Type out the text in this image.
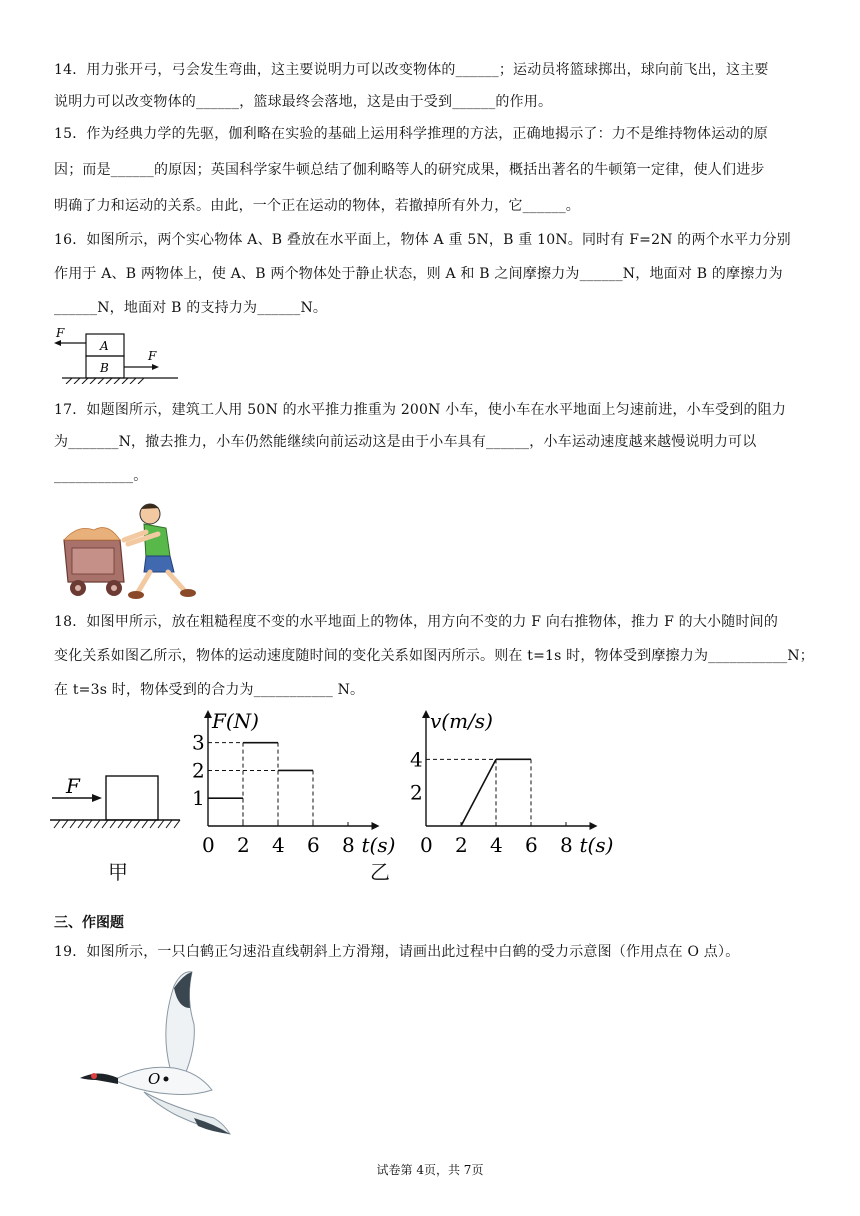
14．用力张开弓，弓会发生弯曲，这主要说明力可以改变物体的______；运动员将篮球掷出，球向前飞出，这主要
说明力可以改变物体的______，篮球最终会落地，这是由于受到______的作用。
15．作为经典力学的先驱，伽利略在实验的基础上运用科学推理的方法，正确地揭示了：力不是维持物体运动的原
因；而是______的原因；英国科学家牛顿总结了伽利略等人的研究成果，概括出著名的牛顿第一定律，使人们进步
明确了力和运动的关系。由此，一个正在运动的物体，若撤掉所有外力，它______。
16．如图所示，两个实心物体 A、B 叠放在水平面上，物体 A 重 5N，B 重 10N。同时有 F=2N 的两个水平力分别
作用于 A、B 两物体上，使 A、B 两个物体处于静止状态，则 A 和 B 之间摩擦力为______N，地面对 B 的摩擦力为
______N，地面对 B 的支持力为______N。
A
B
F
F
17．如题图所示，建筑工人用 50N 的水平推力推重为 200N 小车，使小车在水平地面上匀速前进，小车受到的阻力
为_______N，撤去推力，小车仍然能继续向前运动这是由于小车具有______，小车运动速度越来越慢说明力可以
___________。
18．如图甲所示，放在粗糙程度不变的水平地面上的物体，用方向不变的力 F 向右推物体，推力 F 的大小随时间的
变化关系如图乙所示，物体的运动速度随时间的变化关系如图丙所示。则在 t=1s 时，物体受到摩擦力为___________N；
在 t=3s 时，物体受到的合力为___________ N。
F
甲
F(N)
t(s)
0 2 4 6 8
1
2
3
乙
v(m/s)
t(s)
0 2 4 6 8
2
4
三、作图题
19．如图所示，一只白鹤正匀速沿直线朝斜上方滑翔，请画出此过程中白鹤的受力示意图（作用点在 O 点）。
O
试卷第 4页，共 7页
